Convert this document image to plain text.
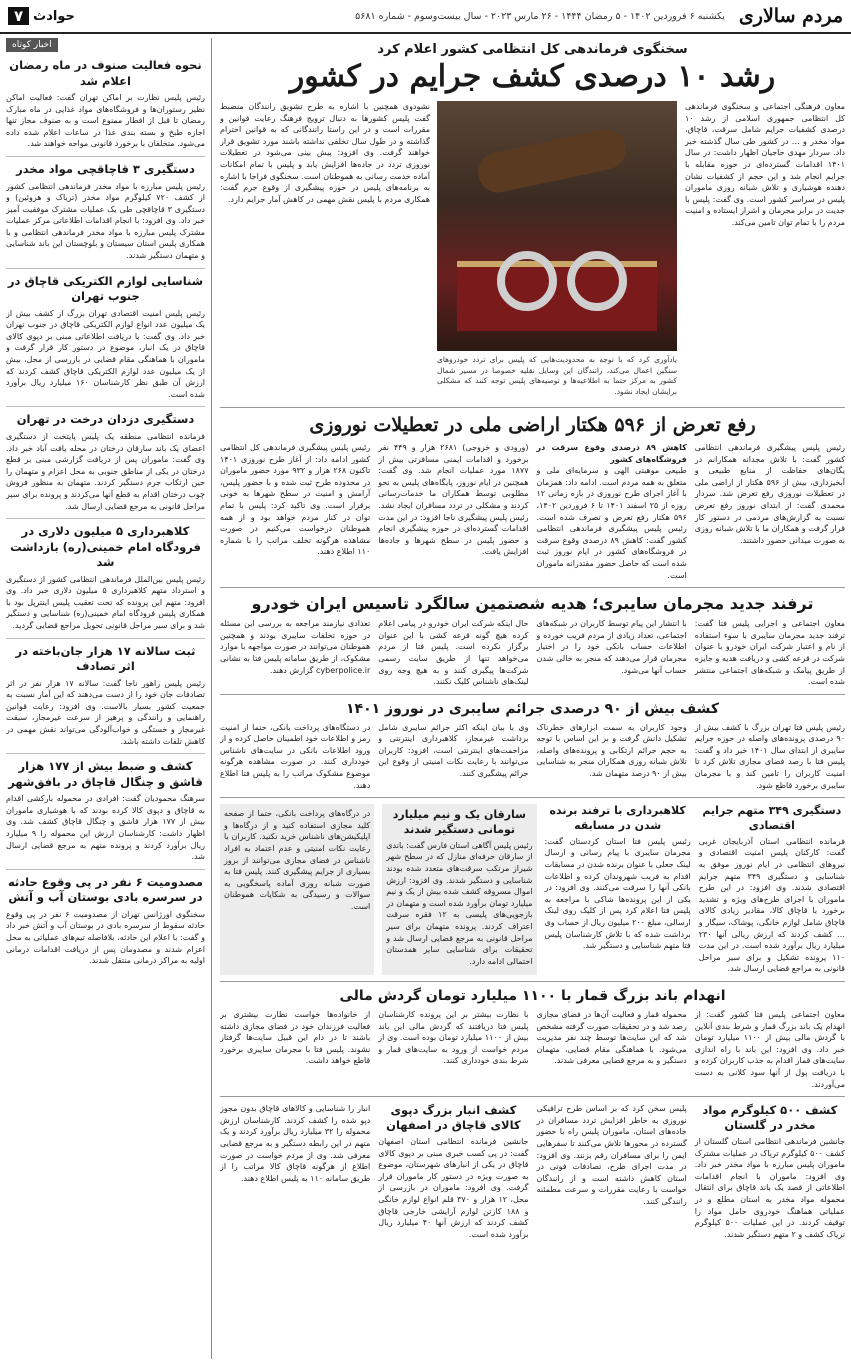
مردم سالاری
یکشنبه ۶ فروردین ۱۴۰۲ - ۵ رمضان ۱۴۴۴ - ۲۶ مارس ۲۰۲۳ - سال بیست‌وسوم - شماره ۵۶۸۱
حوادث
۷
سخنگوی فرماندهی کل انتظامی کشور اعلام کرد
رشد ۱۰ درصدی کشف جرایم در کشور
معاون فرهنگی اجتماعی و سخنگوی فرماندهی کل انتظامی جمهوری اسلامی از رشد ۱۰ درصدی کشفیات جرایم شامل سرقت، قاچاق، مواد مخدر و … در کشور طی سال گذشته خبر داد. سردار مهدی حاجیان اظهار داشت: در سال ۱۴۰۱ اقدامات گسترده‌ای در حوزه مقابله با جرایم انجام شد و این حجم از کشفیات نشان دهنده هوشیاری و تلاش شبانه روزی ماموران پلیس در سراسر کشور است. وی گفت: پلیس با جدیت در برابر مجرمان و اشرار ایستاده و امنیت مردم را با تمام توان تامین می‌کند.
یادآوری کرد که با توجه به محدودیت‌هایی که پلیس برای تردد خودروهای سنگین اعمال می‌کند، رانندگان این وسایل نقلیه خصوصا در مسیر شمال کشور به مرکز حتما به اطلاعیه‌ها و توصیه‌های پلیس توجه کنند که مشکلی برایشان ایجاد نشود.
نشودوی همچنین با اشاره به طرح تشویق رانندگان منضبط گفت پلیس کشورها به دنبال ترویج فرهنگ رعایت قوانین و مقررات است و در این راستا رانندگانی که به قوانین احترام گذاشته و در طول سال تخلفی نداشته باشند مورد تشویق قرار خواهند گرفت. وی افزود: پیش بینی می‌شود در تعطیلات نوروزی تردد در جاده‌ها افزایش یابد و پلیس با تمام امکانات آماده خدمت رسانی به هموطنان است. سخنگوی فراجا با اشاره به برنامه‌های پلیس در حوزه پیشگیری از وقوع جرم گفت: همکاری مردم با پلیس نقش مهمی در کاهش آمار جرایم دارد.
رفع تعرض از ۵۹۶ هکتار اراضی ملی در تعطیلات نوروزی
رئیس پلیس پیشگیری فرماندهی انتظامی کشور گفت: با تلاش مجدانه همکارانم در یگان‌های حفاظت از منابع طبیعی و آبخیزداری، بیش از ۵۹۶ هکتار از اراضی ملی در تعطیلات نوروزی رفع تعرض شد. سردار محمدی گفت: از ابتدای نوروز رفع تعرض نسبت به گزارش‌های مردمی در دستور کار قرار گرفت و همکاران ما با تلاش شبانه روزی به صورت میدانی حضور داشتند.
کاهش ۸۹ درصدی وقوع سرقت در فروشگاه‌های کشور
طبیعی موهبتی الهی و سرمایه‌ای ملی و متعلق به همه مردم است. ادامه داد: همزمان با آغاز اجرای طرح نوروزی در بازه زمانی ۱۲ روزه از ۲۵ اسفند ۱۴۰۱ تا ۶ فروردین ۱۴۰۲، ۵۹۶ هکتار رفع تعرض و تصرف شده است. رئیس پلیس پیشگیری فرماندهی انتظامی کشور گفت: کاهش ۸۹ درصدی وقوع سرقت در فروشگاه‌های کشور در ایام نوروز ثبت شده است که حاصل حضور مقتدرانه ماموران است.
(ورودی و خروجی) ۲۶۸۱ هزار و ۴۴۹ نفر برخورد و اقدامات ایمنی مسافرتی بیش از ۱۸۷۷ مورد عملیات انجام شد. وی گفت: همچنین در ایام نوروز، پایگاه‌های پلیس به نحو مطلوبی توسط همکاران ما خدمات‌رسانی کردند و مشکلی در تردد مسافران ایجاد نشد. رئیس پلیس پیشگیری ناجا افزود: در این مدت اقدامات گسترده‌ای در حوزه پیشگیری انجام و حضور پلیس در سطح شهرها و جاده‌ها افزایش یافت.
رئیس پلیس پیشگیری فرماندهی کل انتظامی کشور ادامه داد: از آغاز طرح نوروزی ۱۴۰۱ تاکنون ۲۶۸ هزار و ۹۳۲ مورد حضور ماموران در محدوده طرح ثبت شده و با حضور پلیس، آرامش و امنیت در سطح شهرها به خوبی برقرار است. وی تاکید کرد: پلیس با تمام توان در کنار مردم خواهد بود و از همه هموطنان درخواست می‌کنیم در صورت مشاهده هرگونه تخلف مراتب را با شماره ۱۱۰ اطلاع دهند.
ترفند جدید مجرمان سایبری؛ هدیه شصتمین سالگرد تاسیس ایران خودرو
معاون اجتماعی و اجرایی پلیس فتا گفت: ترفند جدید مجرمان سایبری با سوء استفاده از نام و اعتبار شرکت ایران خودرو با عنوان شرکت در قرعه کشی و دریافت هدیه و جایزه از طریق پیامک و شبکه‌های اجتماعی منتشر شده است.
با انتشار این پیام توسط کاربران در شبکه‌های اجتماعی، تعداد زیادی از مردم فریب خورده و اطلاعات حساب بانکی خود را در اختیار مجرمان قرار می‌دهند که منجر به خالی شدن حساب آنها می‌شود.
حال اینکه شرکت ایران خودرو در پیامی اعلام کرده هیچ گونه قرعه کشی با این عنوان برگزار نکرده است. پلیس فتا از مردم می‌خواهد تنها از طریق سایت رسمی شرکت‌ها پیگیری کنند و به هیچ وجه روی لینک‌های ناشناس کلیک نکنند.
تعدادی نیازمند مراجعه به بررسی این مسئله در حوزه تخلفات سایبری بودند و همچنین هموطنان می‌توانند در صورت مواجهه با موارد مشکوک، از طریق سامانه پلیس فتا به نشانی cyberpolice.ir گزارش دهند.
کشف بیش از ۹۰ درصدی جرائم سایبری در نوروز ۱۴۰۱
رئیس پلیس فتا تهران بزرگ با کشف بیش از ۹۰ درصدی پرونده‌های واصله در حوزه جرایم سایبری از ابتدای سال ۱۴۰۱ خبر داد و گفت: پلیس فتا با رصد فضای مجازی تلاش کرد تا امنیت کاربران را تامین کند و با مجرمان سایبری برخورد قاطع شود.
وجود کاربران به سمت ابزارهای خطرناک تشکیل دانش گرفت و بر این اساس با توجه به حجم جرائم ارتکابی و پرونده‌های واصله، تلاش شبانه روزی همکاران منجر به شناسایی بیش از ۹۰ درصد متهمان شد.
وی با بیان اینکه اکثر جرائم سایبری شامل برداشت غیرمجاز، کلاهبرداری اینترنتی و مزاحمت‌های اینترنتی است، افزود: کاربران می‌توانند با رعایت نکات امنیتی از وقوع این جرائم پیشگیری کنند.
در دستگاه‌های پرداخت بانکی، حتما از امنیت رمز و اطلاعات خود اطمینان حاصل کرده و از ورود اطلاعات بانکی در سایت‌های ناشناس خودداری کنند. در صورت مشاهده هرگونه موضوع مشکوک مراتب را به پلیس فتا اطلاع دهند.
دستگیری ۳۴۹ متهم جرایم اقتصادی
فرمانده انتظامی استان آذربایجان غربی گفت: کارکنان پلیس امنیت اقتصادی و نیروهای انتظامی در ایام نوروز موفق به شناسایی و دستگیری ۳۴۹ متهم جرایم اقتصادی شدند. وی افزود: در این طرح ماموران با اجرای طرح‌های ویژه و تشدید برخورد با قاچاق کالا، مقادیر زیادی کالای قاچاق شامل لوازم خانگی، پوشاک، سیگار و … کشف کردند که ارزش ریالی آنها ۲۳۰ میلیارد ریال برآورد شده است. در این مدت ۱۱۰ پرونده تشکیل و برای سیر مراحل قانونی به مراجع قضایی ارسال شد.
کلاهبرداری با ترفند برنده شدن در مسابقه
رئیس پلیس فتا استان کردستان گفت: مجرمان سایبری با پیام رسانی و ارسال لینک جعلی با عنوان برنده شدن در مسابقات اقدام به فریب شهروندان کرده و اطلاعات بانکی آنها را سرقت می‌کنند. وی افزود: در یکی از این پرونده‌ها شاکی با مراجعه به پلیس فتا اعلام کرد پس از کلیک روی لینک ارسالی، مبلغ ۲۰۰ میلیون ریال از حساب وی برداشت شده که با تلاش کارشناسان پلیس فتا متهم شناسایی و دستگیر شد.
سارقان یک و نیم میلیارد تومانی دستگیر شدند
رئیس پلیس آگاهی استان فارس گفت: باندی از سارقان حرفه‌ای منازل که در سطح شهر شیراز مرتکب سرقت‌های متعدد شده بودند شناسایی و دستگیر شدند. وی افزود: ارزش اموال مسروقه کشف شده بیش از یک و نیم میلیارد تومان برآورد شده است و متهمان در بازجویی‌های پلیسی به ۱۲ فقره سرقت اعتراف کردند. پرونده متهمان برای سیر مراحل قانونی به مرجع قضایی ارسال شد و تحقیقات برای شناسایی سایر همدستان احتمالی ادامه دارد.
در درگاه‌های پرداخت بانکی، حتما از صفحه کلید مجازی استفاده کنید و از درگاه‌ها و اپلیکیشن‌های ناشناس خرید نکنید. کاربران با رعایت نکات امنیتی و عدم اعتماد به افراد ناشناس در فضای مجازی می‌توانند از بروز بسیاری از جرایم پیشگیری کنند. پلیس فتا به صورت شبانه روزی آماده پاسخگویی به سوالات و رسیدگی به شکایات هموطنان است.
انهدام باند بزرگ قمار با ۱۱۰۰ میلیارد تومان گردش مالی
معاون اجتماعی پلیس فتا کشور گفت: از انهدام یک باند بزرگ قمار و شرط بندی آنلاین با گردش مالی بیش از ۱۱۰۰ میلیارد تومان خبر داد. وی افزود: این باند با راه اندازی سایت‌های قمار اقدام به جذب کاربران کرده و با دریافت پول از آنها سود کلانی به دست می‌آوردند.
محموله قمار و فعالیت آن‌ها در فضای مجازی رصد شد و در تحقیقات صورت گرفته مشخص شد که این سایت‌ها توسط چند نفر مدیریت می‌شود. با هماهنگی مقام قضایی، متهمان دستگیر و به مرجع قضایی معرفی شدند.
با نظارت بیشتر بر این پرونده کارشناسان پلیس فتا دریافتند که گردش مالی این باند بیش از ۱۱۰۰ میلیارد تومان بوده است. وی از مردم خواست از ورود به سایت‌های قمار و شرط بندی خودداری کنند.
از خانواده‌ها خواست نظارت بیشتری بر فعالیت فرزندان خود در فضای مجازی داشته باشند تا در دام این قبیل سایت‌ها گرفتار نشوند. پلیس فتا با مجرمان سایبری برخورد قاطع خواهد داشت.
کشف ۵۰۰ کیلوگرم مواد مخدر در گلستان
جانشین فرماندهی انتظامی استان گلستان از کشف ۵۰۰ کیلوگرم تریاک در عملیات مشترک ماموران پلیس مبارزه با مواد مخدر خبر داد. وی افزود: ماموران با انجام اقدامات اطلاعاتی از قصد یک باند قاچاق برای انتقال محموله مواد مخدر به استان مطلع و در عملیاتی هماهنگ خودروی حامل مواد را توقیف کردند. در این عملیات ۵۰۰ کیلوگرم تریاک کشف و ۲ متهم دستگیر شدند.
پلیس سخن کرد که بر اساس طرح ترافیکی نوروزی به خاطر افزایش تردد مسافران در جاده‌های استان، ماموران پلیس راه با حضور گسترده در محورها تلاش می‌کنند تا سفرهایی ایمن را برای مسافران رقم بزنند. وی افزود: در مدت اجرای طرح، تصادفات فوتی در استان کاهش داشته است و از رانندگان خواست با رعایت مقررات و سرعت مطمئنه رانندگی کنند.
کشف انبار بزرگ دپوی کالای قاچاق در اصفهان
جانشین فرمانده انتظامی استان اصفهان گفت: در پی کسب خبری مبنی بر دپوی کالای قاچاق در یکی از انبارهای شهرستان، موضوع به صورت ویژه در دستور کار ماموران قرار گرفت. وی افزود: ماموران در بازرسی از محل، ۱۲ هزار و ۳۷۰ قلم انواع لوازم خانگی و ۱۸۸ کارتن لوازم آرایشی خارجی قاچاق کشف کردند که ارزش آنها ۴۰ میلیارد ریال برآورد شده است.
انبار را شناسایی و کالاهای قاچاق بدون مجوز دپو شده را کشف کردند. کارشناسان ارزش محموله را ۳۲ میلیارد ریال برآورد کردند و یک متهم در این رابطه دستگیر و به مرجع قضایی معرفی شد. وی از مردم خواست در صورت اطلاع از هرگونه قاچاق کالا مراتب را از طریق سامانه ۱۱۰ به پلیس اطلاع دهند.
اخبار کوتاه
نحوه فعالیت صنوف در ماه رمضان اعلام شد

رئیس پلیس نظارت بر اماکن تهران گفت: فعالیت اماکن نظیر رستوران‌ها و فروشگاه‌های مواد غذایی در ماه مبارک رمضان تا قبل از افطار ممنوع است و به صنوف مجاز تنها اجازه طبخ و بسته بندی غذا در ساعات اعلام شده داده می‌شود. متخلفان با برخورد قانونی مواجه خواهند شد.

دستگیری ۳ قاچاقچی مواد مخدر

رئیس پلیس مبارزه با مواد مخدر فرماندهی انتظامی کشور از کشف ۷۲۰ کیلوگرم مواد مخدر (تریاک و هروئین) و دستگیری ۳ قاچاقچی طی یک عملیات مشترک موفقیت آمیز خبر داد. وی افزود: با انجام اقدامات اطلاعاتی مرکز عملیات مشترک پلیس مبارزه با مواد مخدر فرماندهی انتظامی و با همکاری پلیس استان سیستان و بلوچستان این باند شناسایی و متهمان دستگیر شدند.

شناسایی لوازم الکتریکی قاچاق در جنوب تهران

رئیس پلیس امنیت اقتصادی تهران بزرگ از کشف بیش از یک میلیون عدد انواع لوازم الکتریکی قاچاق در جنوب تهران خبر داد. وی گفت: با دریافت اطلاعاتی مبنی بر دپوی کالای قاچاق در یک انبار، موضوع در دستور کار قرار گرفت و ماموران با هماهنگی مقام قضایی در بازرسی از محل، بیش از یک میلیون عدد لوازم الکتریکی قاچاق کشف کردند که ارزش آن طبق نظر کارشناسان ۱۶۰ میلیارد ریال برآورد شده است.

دستگیری دزدان درخت در تهران

فرمانده انتظامی منطقه یک پلیس پایتخت از دستگیری اعضای یک باند سارقان درختان در محله یافت آباد خبر داد. وی گفت: ماموران پس از دریافت گزارشی مبنی بر قطع درختان در یکی از مناطق جنوبی به محل اعزام و متهمان را حین ارتکاب جرم دستگیر کردند. متهمان به منظور فروش چوب درختان اقدام به قطع آنها می‌کردند و پرونده برای سیر مراحل قانونی به مرجع قضایی ارسال شد.

کلاهبرداری ۵ میلیون دلاری در فرودگاه امام خمینی(ره) بازداشت شد

رئیس پلیس بین‌الملل فرماندهی انتظامی کشور از دستگیری و استرداد متهم کلاهبرداری ۵ میلیون دلاری خبر داد. وی افزود: متهم این پرونده که تحت تعقیب پلیس اینترپل بود با همکاری پلیس فرودگاه امام خمینی(ره) شناسایی و دستگیر شد و برای سیر مراحل قانونی تحویل مراجع قضایی گردید.

ثبت سالانه ۱۷ هزار جان‌باخته در اثر تصادف

رئیس پلیس راهور ناجا گفت: سالانه ۱۷ هزار نفر در اثر تصادفات جان خود را از دست می‌دهند که این آمار نسبت به جمعیت کشور بسیار بالاست. وی افزود: رعایت قوانین راهنمایی و رانندگی و پرهیز از سرعت غیرمجاز، سبقت غیرمجاز و خستگی و خواب‌آلودگی می‌تواند نقش مهمی در کاهش تلفات داشته باشد.

کشف و ضبط بیش از ۱۷۷ هزار قاشق و چنگال قاچاق در بافق‌شهر

سرهنگ محمودیان گفت: افرادی در محموله بارکشی اقدام به قاچاق و دپوی کالا کرده بودند که با هوشیاری ماموران بیش از ۱۷۷ هزار قاشق و چنگال قاچاق کشف شد. وی اظهار داشت: کارشناسان ارزش این محموله را ۹ میلیارد ریال برآورد کردند و پرونده متهم به مرجع قضایی ارسال شد.

مصدومیت ۶ نفر در پی وقوع حادثه در سرسره بادی بوستان آب و آتش

سخنگوی اورژانس تهران از مصدومیت ۶ نفر در پی وقوع حادثه سقوط از سرسره بادی در بوستان آب و آتش خبر داد و گفت: با اعلام این حادثه، بلافاصله تیم‌های عملیاتی به محل اعزام شدند و مصدومان پس از دریافت اقدامات درمانی اولیه به مراکز درمانی منتقل شدند.
